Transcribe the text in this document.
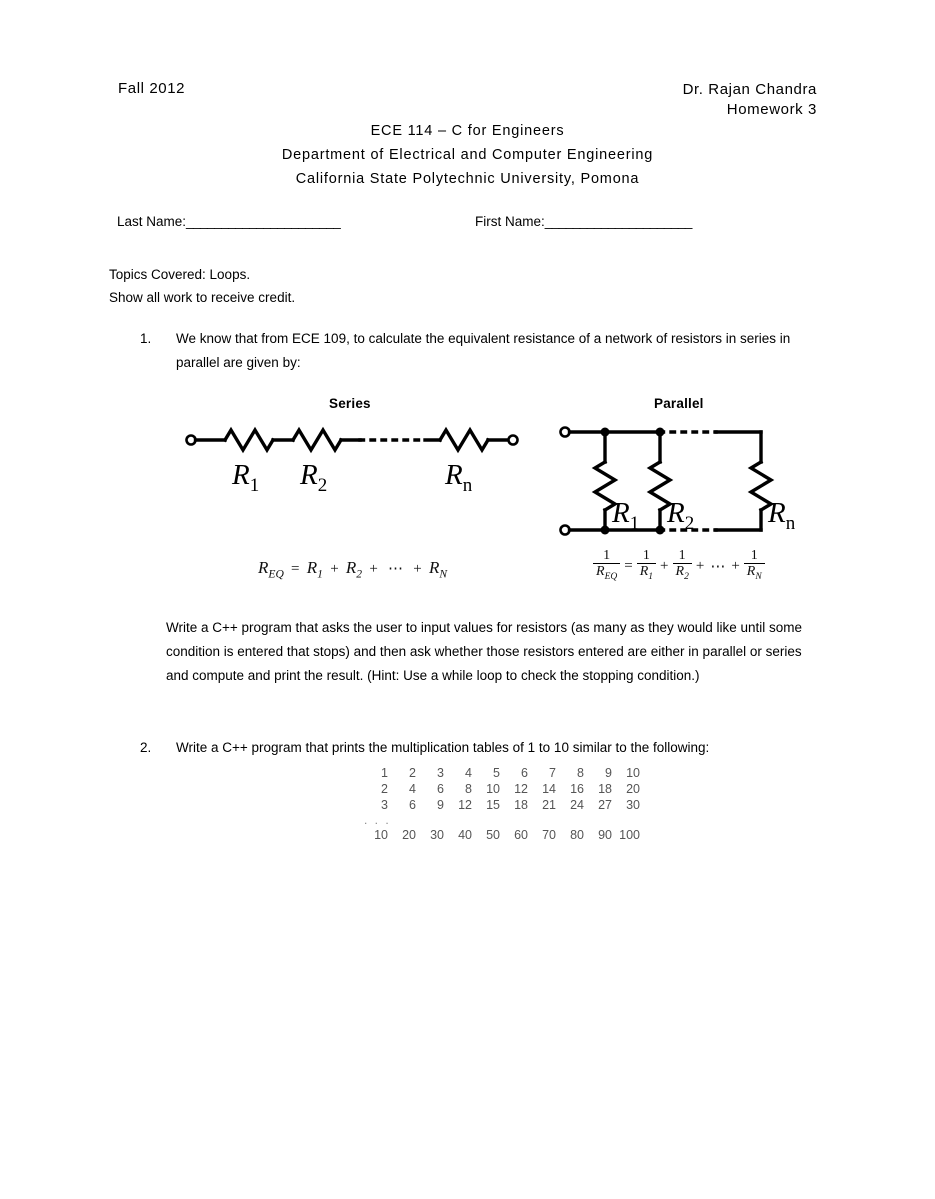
Fall 2012	Dr. Rajan Chandra
Homework 3
ECE 114 – C for Engineers
Department of Electrical and Computer Engineering
California State Polytechnic University, Pomona
Last Name:______________________	First Name:_____________________
Topics Covered: Loops.
Show all work to receive credit.
1.	We know that from ECE 109, to calculate the equivalent resistance of a network of resistors in series in parallel are given by:
Series	Parallel
$R_1$ $R_2$	$R_n$
$R_1$ $R_2$	$R_n$
$R_{EQ} = R_1 + R_2$ + ⋯ + $R_N$	$\frac{1}{R_{EQ}} = \frac{1}{R_1} + \frac{1}{R_2}$ + ⋯ + $\frac{1}{R_N}$
Write a C++ program that asks the user to input values for resistors (as many as they would like until some condition is entered that stops) and then ask whether those resistors entered are either in parallel or series and compute and print the result. (Hint: Use a while loop to check the stopping condition.)
2.	Write a C++ program that prints the multiplication tables of 1 to 10 similar to the following:
1	2	3	4	5	6	7	8	9	10
2	4	6	8	10	12	14	16	18	20
3	6	9	12	15	18	21	24	27	30
. . .
10	20	30	40	50	60	70	80	90 100
